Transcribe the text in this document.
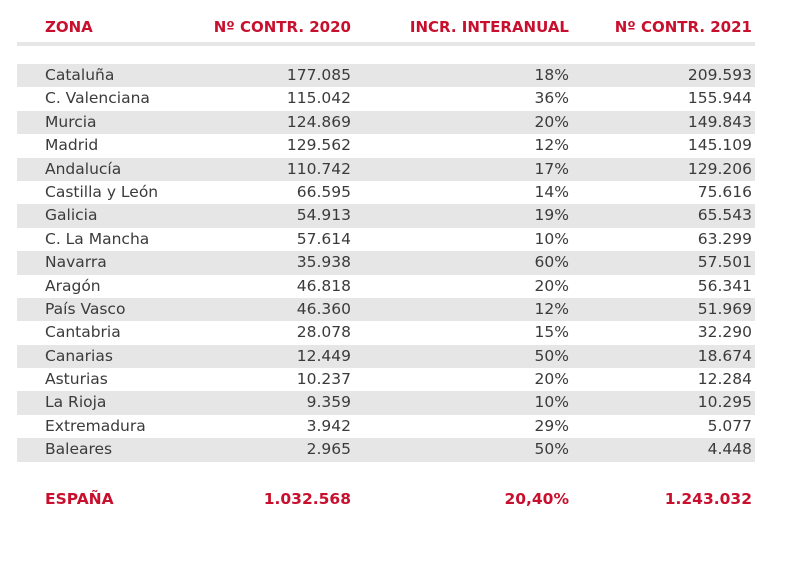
ZONA	Nº CONTR. 2020	INCR. INTERANUAL	Nº CONTR. 2021
Cataluña	177.085	18%	209.593
C. Valenciana	115.042	36%	155.944
Murcia	124.869	20%	149.843
Madrid	129.562	12%	145.109
Andalucía	110.742	17%	129.206
Castilla y León	66.595	14%	75.616
Galicia	54.913	19%	65.543
C. La Mancha	57.614	10%	63.299
Navarra	35.938	60%	57.501
Aragón	46.818	20%	56.341
País Vasco	46.360	12%	51.969
Cantabria	28.078	15%	32.290
Canarias	12.449	50%	18.674
Asturias	10.237	20%	12.284
La Rioja	9.359	10%	10.295
Extremadura	3.942	29%	5.077
Baleares	2.965	50%	4.448
ESPAÑA	1.032.568	20,40%	1.243.032
